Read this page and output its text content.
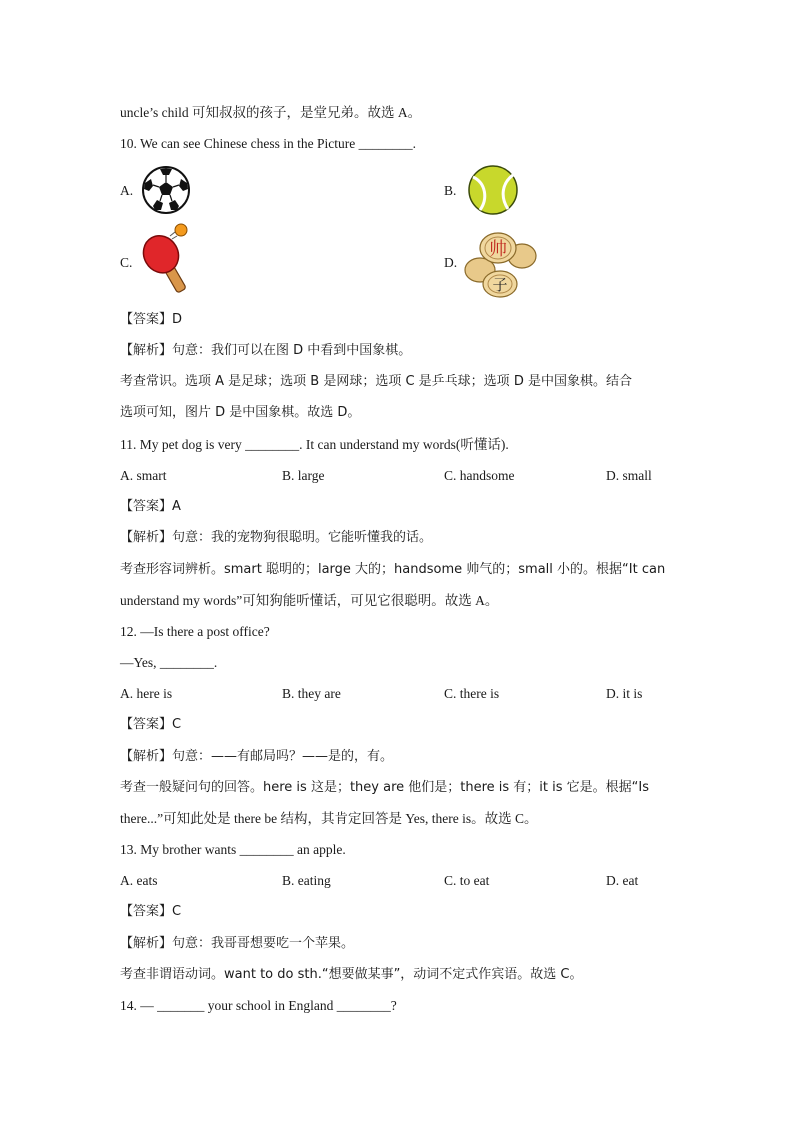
uncle’s child 可知叔叔的孩子，是堂兄弟。故选 A。
10. We can see Chinese chess in the Picture ________.
A.	B.
C.	D.
帅
子
【答案】D
【解析】句意：我们可以在图 D 中看到中国象棋。
考查常识。选项 A 是足球；选项 B 是网球；选项 C 是乒乓球；选项 D 是中国象棋。结合
选项可知，图片 D 是中国象棋。故选 D。
11. My pet dog is very ________. It can understand my words(听懂话).
A. smart	B. large	C. handsome	D. small
【答案】A
【解析】句意：我的宠物狗很聪明。它能听懂我的话。
考查形容词辨析。smart 聪明的；large 大的；handsome 帅气的；small 小的。根据“It can
understand my words”可知狗能听懂话，可见它很聪明。故选 A。
12. —Is there a post office?
—Yes, ________.
A. here is	B. they are	C. there is	D. it is
【答案】C
【解析】句意：——有邮局吗？——是的，有。
考查一般疑问句的回答。here is 这是；they are 他们是；there is 有；it is 它是。根据“Is
there...”可知此处是 there be 结构，其肯定回答是 Yes, there is。故选 C。
13. My brother wants ________ an apple.
A. eats	B. eating	C. to eat	D. eat
【答案】C
【解析】句意：我哥哥想要吃一个苹果。
考查非谓语动词。want to do sth.“想要做某事”，动词不定式作宾语。故选 C。
14. — _______ your school in England ________?
